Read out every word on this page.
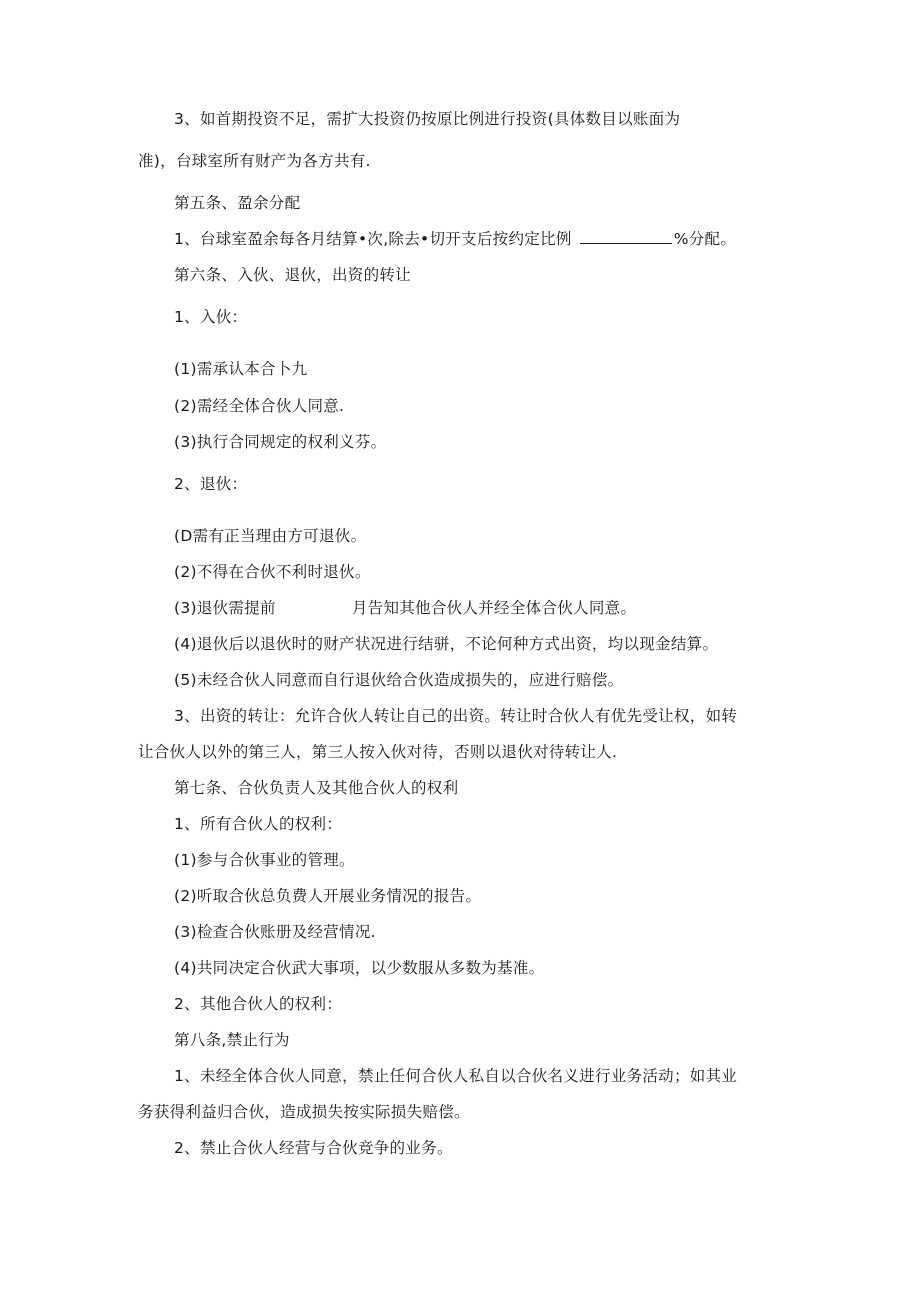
3、如首期投资不足，需扩大投资仍按原比例进行投资(具体数目以账面为
准)，台球室所有财产为各方共有.
第五条、盈余分配
1、台球室盈余每各月结算•次,除去•切开支后按约定比例	%分配。
第六条、入伙、退伙，出资的转让
1、入伙：
(1)需承认本合卜九
(2)需经全体合伙人同意.
(3)执行合同规定的权利义芬。
2、退伙：
(D需有正当理由方可退伙。
(2)不得在合伙不利时退伙。
(3)退伙需提前	月告知其他合伙人并经全体合伙人同意。
(4)退伙后以退伙时的财产状况进行结骈，不论何种方式出资，均以现金结算。
(5)未经合伙人同意而自行退伙给合伙造成损失的，应进行赔偿。
3、出资的转让：允许合伙人转让自己的出资。转让时合伙人有优先受让权，如转
让合伙人以外的第三人，第三人按入伙对待，否则以退伙对待转让人.
第七条、合伙负责人及其他合伙人的权利
1、所有合伙人的权利：
(1)参与合伙事业的管理。
(2)听取合伙总负费人开展业务情况的报告。
(3)检查合伙账册及经营情况.
(4)共同决定合伙武大事项，以少数服从多数为基准。
2、其他合伙人的权利：
第八条,禁止行为
1、未经全体合伙人同意，禁止任何合伙人私自以合伙名义进行业务活动；如其业
务获得利益归合伙，造成损失按实际损失赔偿。
2、禁止合伙人经营与合伙竞争的业务。
